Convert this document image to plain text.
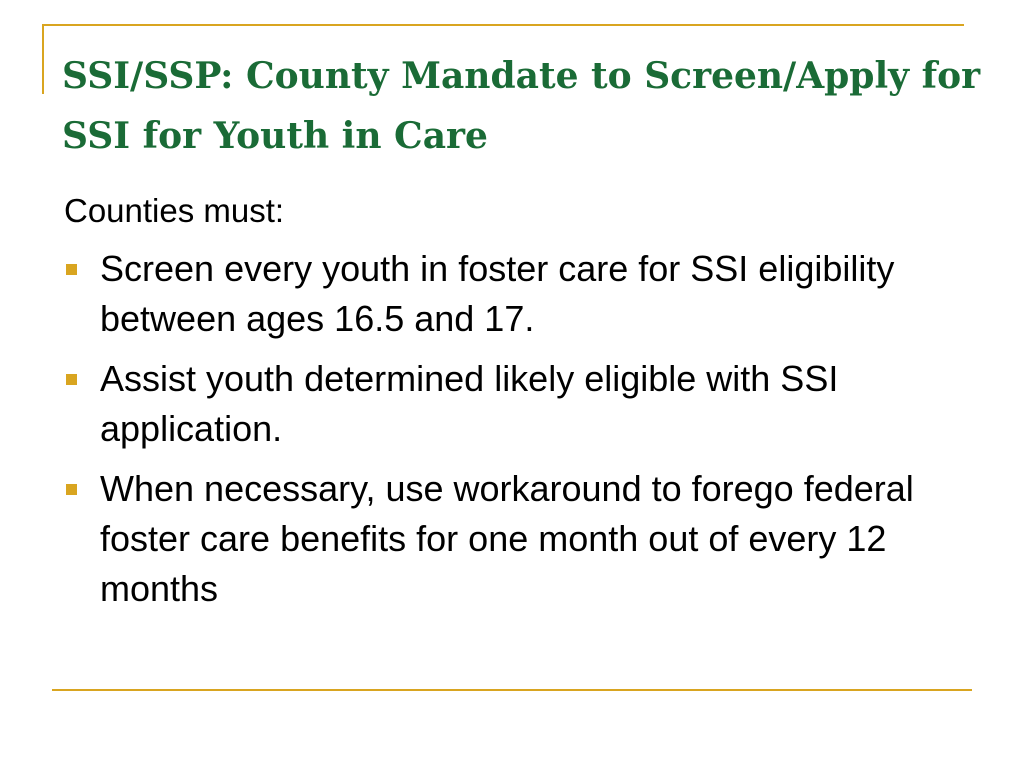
SSI/SSP: County Mandate to Screen/Apply for SSI for Youth in Care

Counties must:

Screen every youth in foster care for SSI eligibility between ages 16.5 and 17.
Assist youth determined likely eligible with SSI application.
When necessary, use workaround to forego federal foster care benefits for one month out of every 12 months
